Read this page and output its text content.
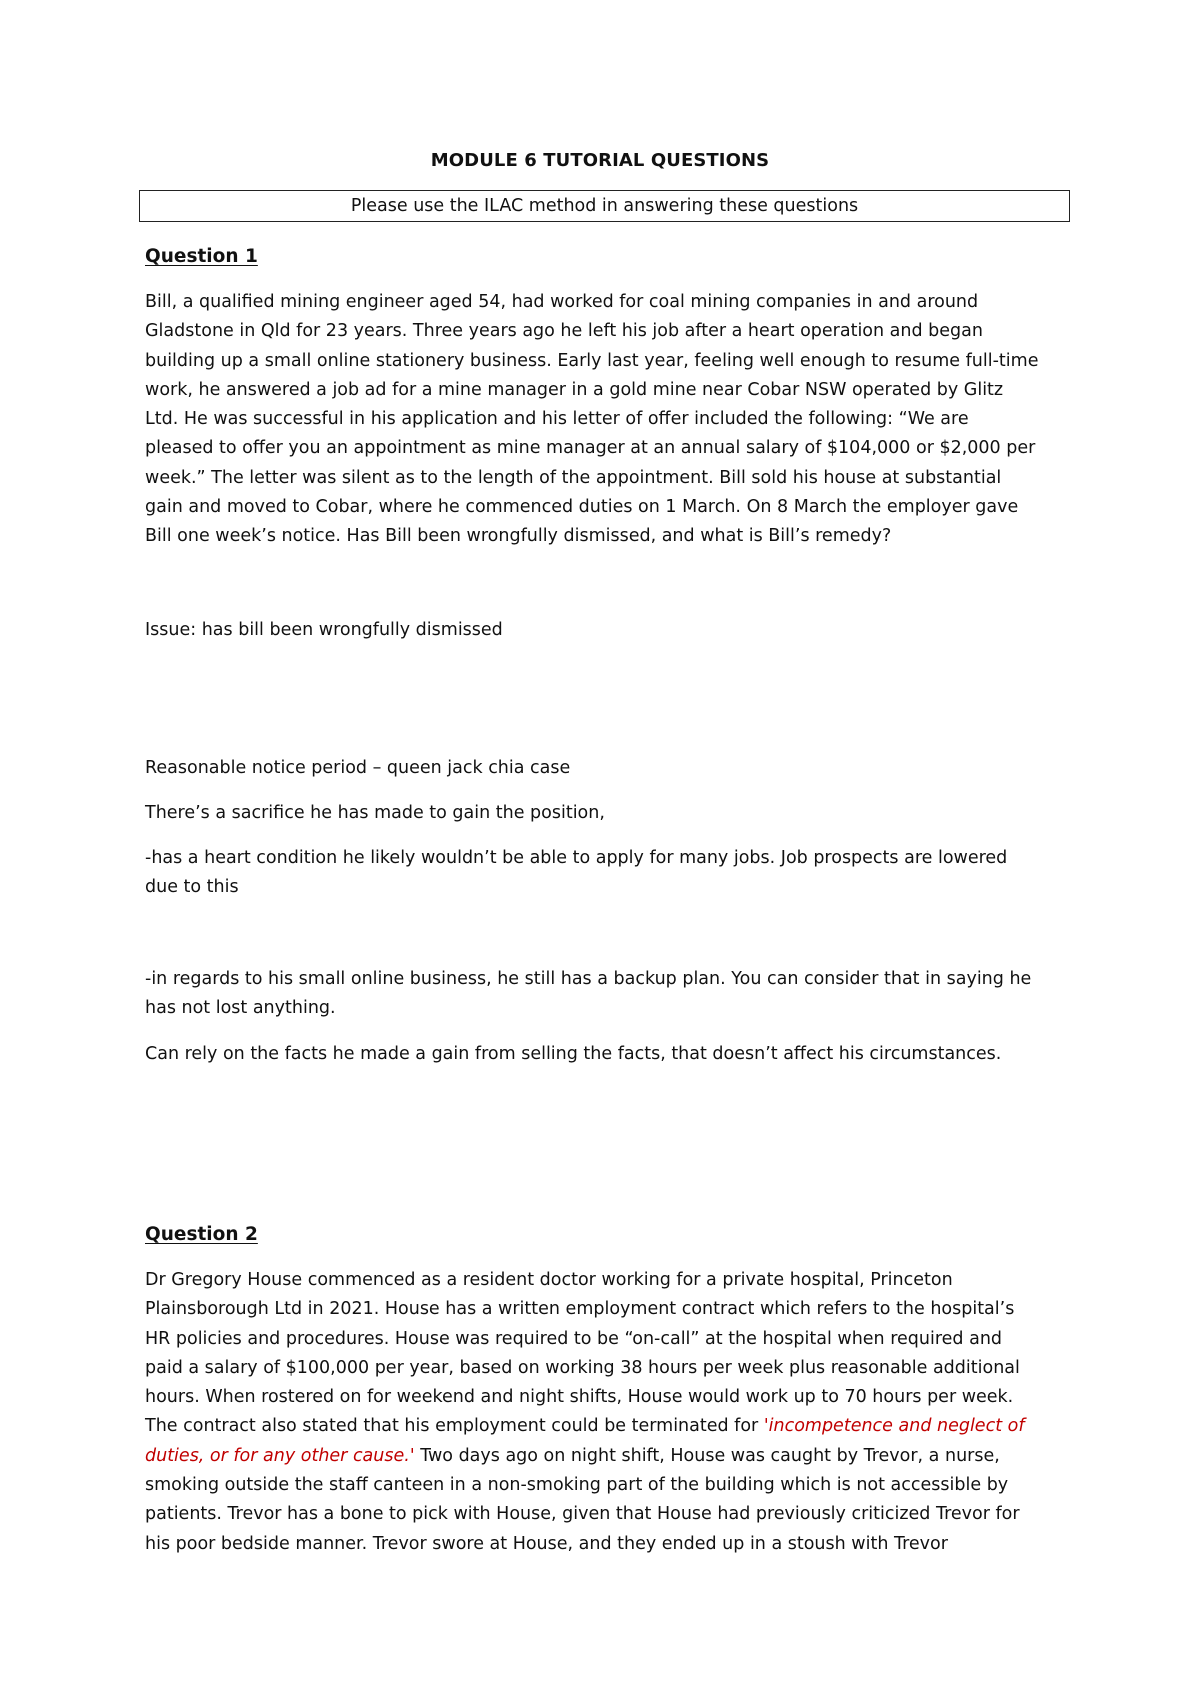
MODULE 6 TUTORIAL QUESTIONS
Please use the ILAC method in answering these questions
Question 1
Bill, a qualified mining engineer aged 54, had worked for coal mining companies in and around
Gladstone in Qld for 23 years. Three years ago he left his job after a heart operation and began
building up a small online stationery business. Early last year, feeling well enough to resume full-time
work, he answered a job ad for a mine manager in a gold mine near Cobar NSW operated by Glitz
Ltd. He was successful in his application and his letter of offer included the following: “We are
pleased to offer you an appointment as mine manager at an annual salary of $104,000 or $2,000 per
week.” The letter was silent as to the length of the appointment. Bill sold his house at substantial
gain and moved to Cobar, where he commenced duties on 1 March. On 8 March the employer gave
Bill one week’s notice. Has Bill been wrongfully dismissed, and what is Bill’s remedy?
Issue: has bill been wrongfully dismissed
Reasonable notice period – queen jack chia case
There’s a sacrifice he has made to gain the position,
-has a heart condition he likely wouldn’t be able to apply for many jobs. Job prospects are lowered
due to this
-in regards to his small online business, he still has a backup plan. You can consider that in saying he
has not lost anything.
Can rely on the facts he made a gain from selling the facts, that doesn’t affect his circumstances.
Question 2
Dr Gregory House commenced as a resident doctor working for a private hospital, Princeton
Plainsborough Ltd in 2021. House has a written employment contract which refers to the hospital’s
HR policies and procedures. House was required to be “on-call” at the hospital when required and
paid a salary of $100,000 per year, based on working 38 hours per week plus reasonable additional
hours. When rostered on for weekend and night shifts, House would work up to 70 hours per week.
The contract also stated that his employment could be terminated for 'incompetence and neglect of
duties, or for any other cause.' Two days ago on night shift, House was caught by Trevor, a nurse,
smoking outside the staff canteen in a non-smoking part of the building which is not accessible by
patients. Trevor has a bone to pick with House, given that House had previously criticized Trevor for
his poor bedside manner. Trevor swore at House, and they ended up in a stoush with Trevor
